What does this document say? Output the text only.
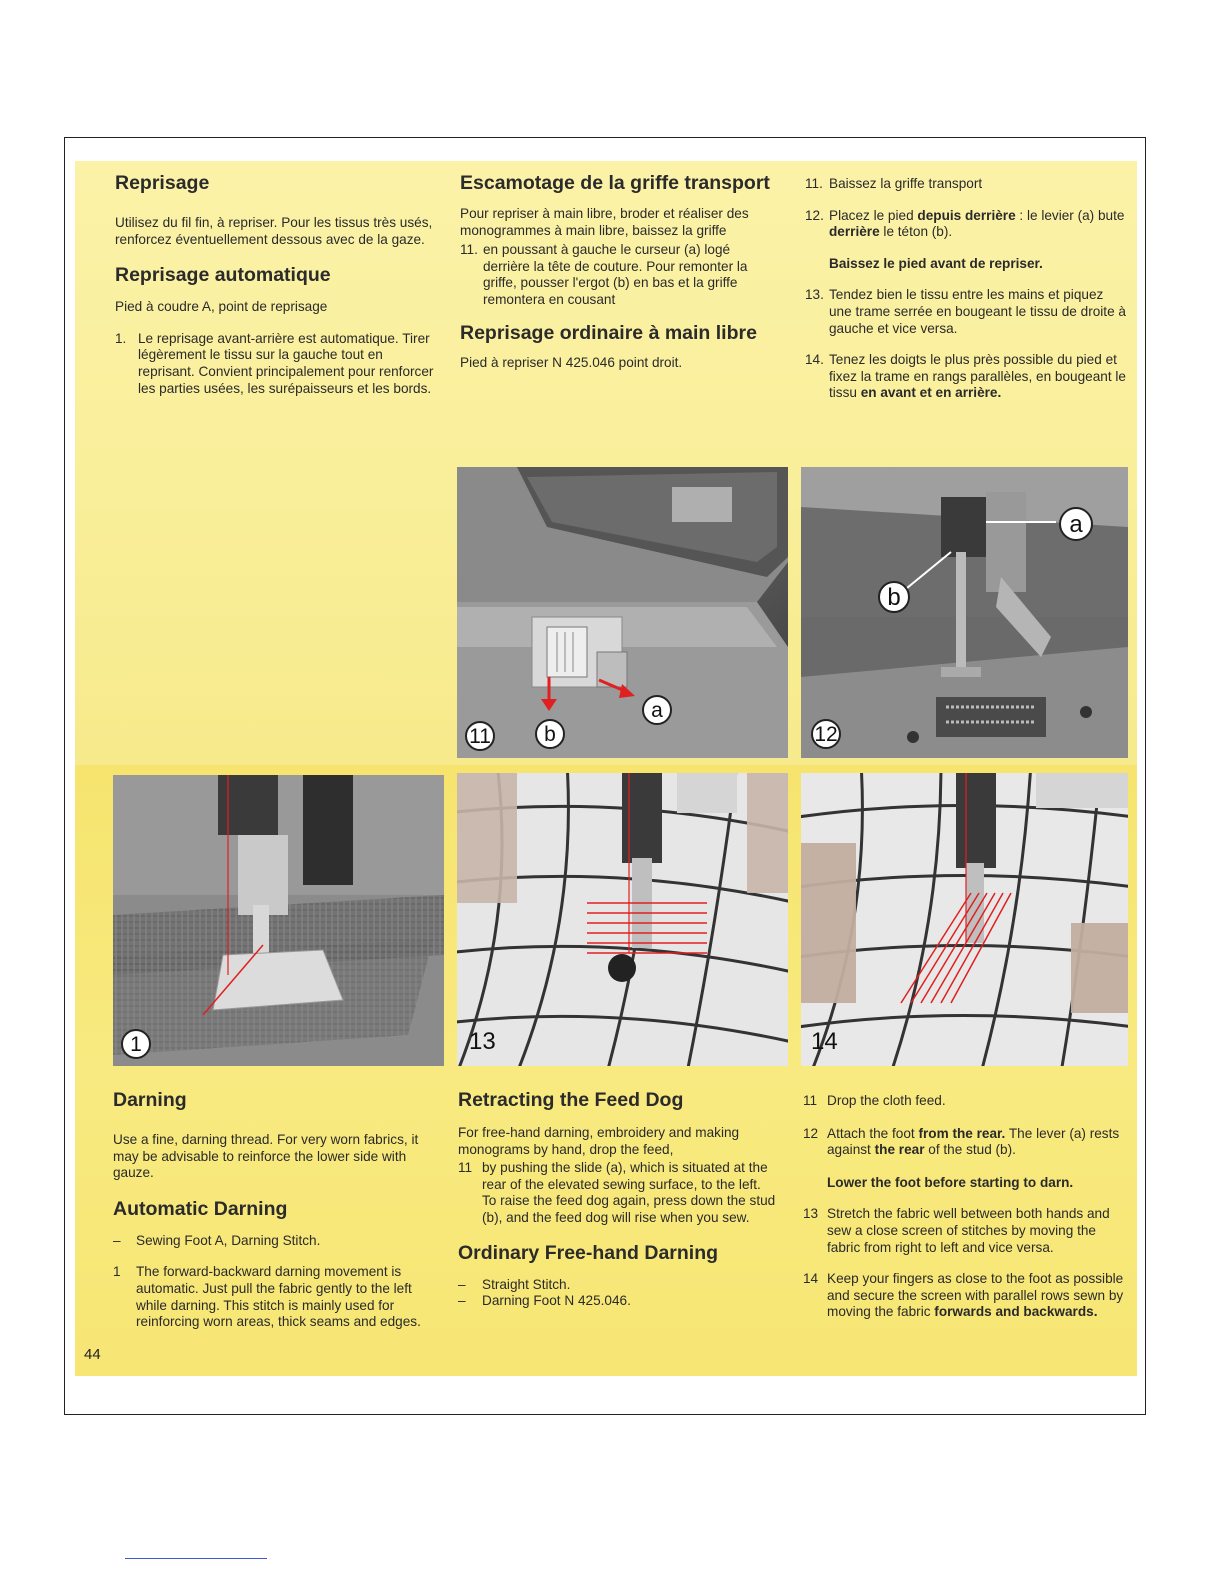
Reprisage

Utilisez du fil fin, à repriser. Pour les tissus très usés, renforcez éventuellement dessous avec de la gaze.

Reprisage automatique

Pied à coudre A, point de reprisage

1. Le reprisage avant-arrière est automatique. Tirer légèrement le tissu sur la gauche tout en reprisant. Convient principalement pour renforcer les parties usées, les surépaisseurs et les bords.
Escamotage de la griffe transport

Pour repriser à main libre, broder et réaliser des monogrammes à main libre, baissez la griffe

11. en poussant à gauche le curseur (a) logé derrière la tête de couture. Pour remonter la griffe, pousser l'ergot (b) en bas et la griffe remontera en cousant
Reprisage ordinaire à main libre

Pied à repriser N 425.046 point droit.

11. Baissez la griffe transport
12. Placez le pied depuis derrière : le levier (a) bute derrière le téton (b).

Baissez le pied avant de repriser.

13. Tendez bien le tissu entre les mains et piquez une trame serrée en bougeant le tissu de droite à gauche et vice versa.
14. Tenez les doigts le plus près possible du pied et fixez la trame en rangs parallèles, en bougeant le tissu en avant et en arrière.
11	b
a
a
b
12
1	13	14
Darning

Use a fine, darning thread. For very worn fabrics, it may be advisable to reinforce the lower side with gauze.

Automatic Darning
–	Sewing Foot A, Darning Stitch.
1	The forward-backward darning movement is automatic. Just pull the fabric gently to the left while darning. This stitch is mainly used for reinforcing worn areas, thick seams and edges.
Retracting the Feed Dog

For free-hand darning, embroidery and making monograms by hand, drop the feed,

11 by pushing the slide (a), which is situated at the rear of the elevated sewing surface, to the left. To raise the feed dog again, press down the stud (b), and the feed dog will rise when you sew.
Ordinary Free-hand Darning
–	Straight Stitch.
–	Darning Foot N 425.046.
11 Drop the cloth feed.
12 Attach the foot from the rear. The lever (a) rests against the rear of the stud (b).

Lower the foot before starting to darn.

13 Stretch the fabric well between both hands and sew a close screen of stitches by moving the fabric from right to left and vice versa.
14 Keep your fingers as close to the foot as possible and secure the screen with parallel rows sewn by moving the fabric forwards and backwards.
44
